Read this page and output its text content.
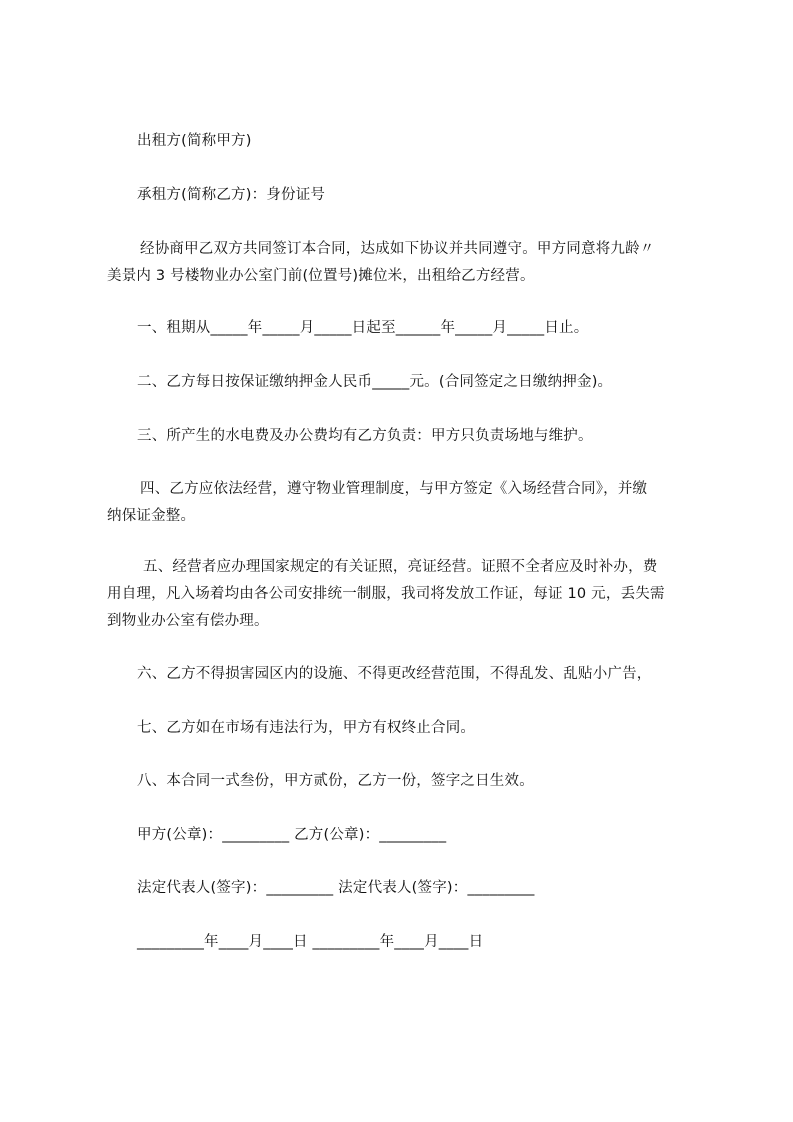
出租方(简称甲方)
承租方(简称乙方)：身份证号
经协商甲乙双方共同签订本合同，达成如下协议并共同遵守。甲方同意将九龄〃
美景内 3 号楼物业办公室门前(位置号)摊位米，出租给乙方经营。
一、租期从_____年_____月_____日起至______年_____月_____日止。
二、乙方每日按保证缴纳押金人民币_____元。(合同签定之日缴纳押金)。
三、所产生的水电费及办公费均有乙方负责：甲方只负责场地与维护。
四、乙方应依法经营，遵守物业管理制度，与甲方签定《入场经营合同》，并缴
纳保证金整。
五、经营者应办理国家规定的有关证照，亮证经营。证照不全者应及时补办，费
用自理，凡入场着均由各公司安排统一制服，我司将发放工作证，每证 10 元，丢失需
到物业办公室有偿办理。
六、乙方不得损害园区内的设施、不得更改经营范围，不得乱发、乱贴小广告，
七、乙方如在市场有违法行为，甲方有权终止合同。
八、本合同一式叁份，甲方贰份，乙方一份，签字之日生效。
甲方(公章)：_________ 乙方(公章)：_________
法定代表人(签字)：_________ 法定代表人(签字)：_________
_________年____月____日 _________年____月____日
